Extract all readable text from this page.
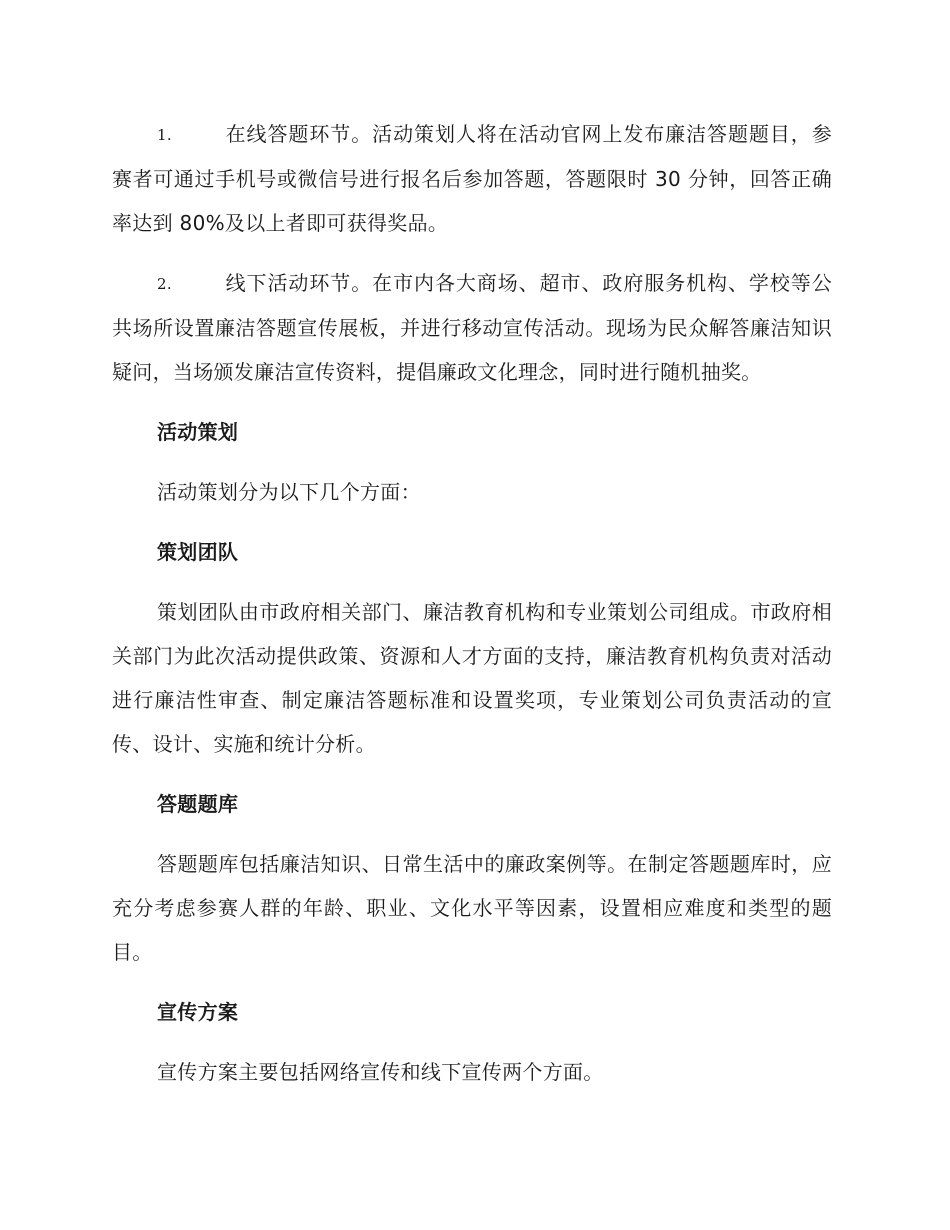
1.	在线答题环节。活动策划人将在活动官网上发布廉洁答题题目，参赛者可通过手机号或微信号进行报名后参加答题，答题限时 30 分钟，回答正确率达到 80%及以上者即可获得奖品。

2.	线下活动环节。在市内各大商场、超市、政府服务机构、学校等公共场所设置廉洁答题宣传展板，并进行移动宣传活动。现场为民众解答廉洁知识疑问，当场颁发廉洁宣传资料，提倡廉政文化理念，同时进行随机抽奖。

活动策划

活动策划分为以下几个方面：

策划团队

策划团队由市政府相关部门、廉洁教育机构和专业策划公司组成。市政府相关部门为此次活动提供政策、资源和人才方面的支持，廉洁教育机构负责对活动进行廉洁性审查、制定廉洁答题标准和设置奖项，专业策划公司负责活动的宣传、设计、实施和统计分析。

答题题库

答题题库包括廉洁知识、日常生活中的廉政案例等。在制定答题题库时，应充分考虑参赛人群的年龄、职业、文化水平等因素，设置相应难度和类型的题目。

宣传方案

宣传方案主要包括网络宣传和线下宣传两个方面。
